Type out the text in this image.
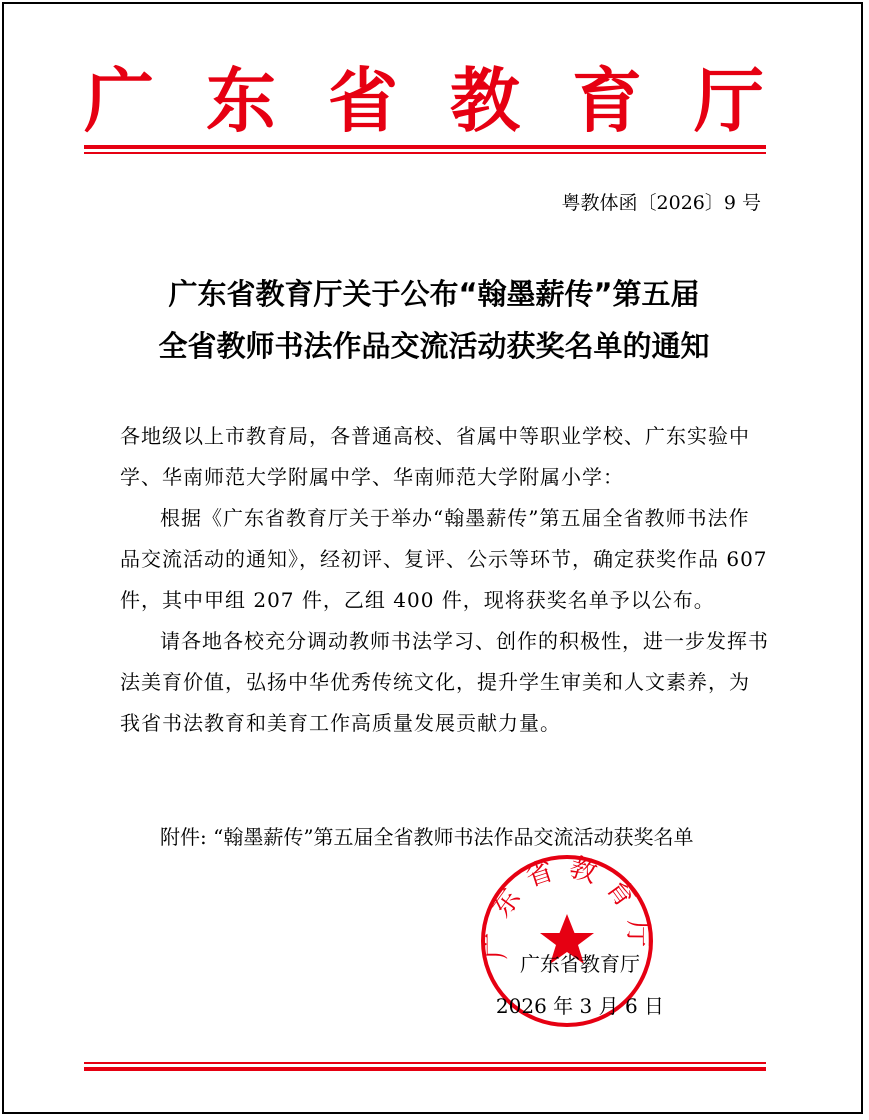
广 东 省 教 育 厅
粤教体函〔2026〕9 号
广东省教育厅关于公布“翰墨薪传”第五届
全省教师书法作品交流活动获奖名单的通知

各地级以上市教育局，各普通高校、省属中等职业学校、广东实验中学、华南师范大学附属中学、华南师范大学附属小学：

根据《广东省教育厅关于举办“翰墨薪传”第五届全省教师书法作品交流活动的通知》，经初评、复评、公示等环节，确定获奖作品 607 件，其中甲组 207 件，乙组 400 件，现将获奖名单予以公布。

请各地各校充分调动教师书法学习、创作的积极性，进一步发挥书法美育价值，弘扬中华优秀传统文化，提升学生审美和人文素养，为我省书法教育和美育工作高质量发展贡献力量。

附件: “翰墨薪传”第五届全省教师书法作品交流活动获奖名单
广东省教育厅
广东省教育厅
2026 年 3 月 6 日
